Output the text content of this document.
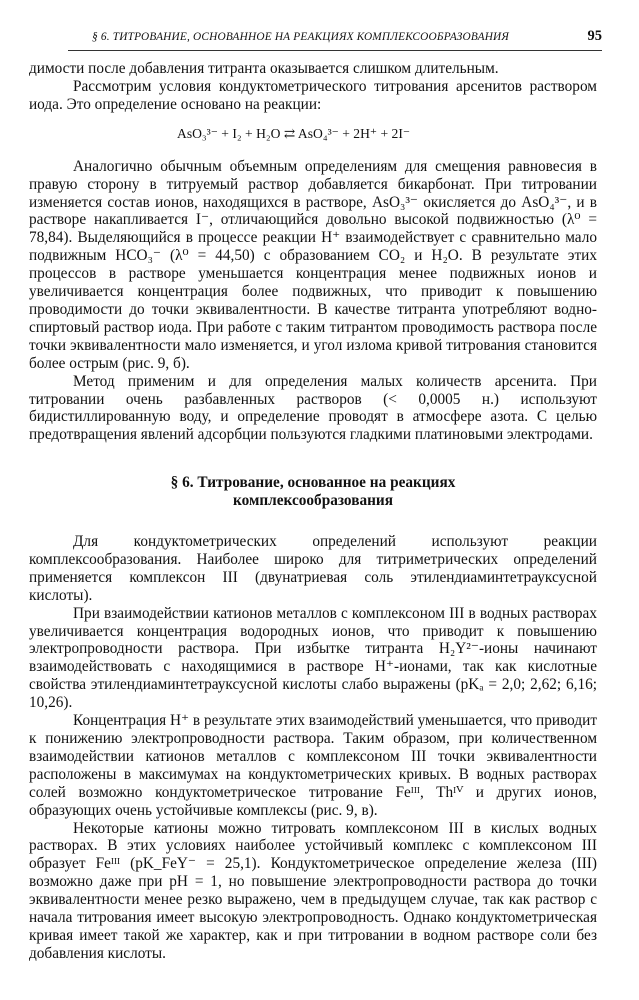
§ 6. ТИТРОВАНИЕ, ОСНОВАННОЕ НА РЕАКЦИЯХ КОМПЛЕКСООБРАЗОВАНИЯ	95

димости после добавления титранта оказывается слишком длительным.

Рассмотрим условия кондуктометрического титрования арсенитов раствором иода. Это определение основано на реакции:

AsO₃³⁻ + I₂ + H₂O ⇄ AsO₄³⁻ + 2H⁺ + 2I⁻

Аналогично обычным объемным определениям для смещения равновесия в правую сторону в титруемый раствор добавляется бикарбонат. При титровании изменяется состав ионов, находящихся в растворе, AsO₃³⁻ окисляется до AsO₄³⁻, и в растворе накапливается I⁻, отличающийся довольно высокой подвижностью (λ⁰ = 78,84). Выделяющийся в процессе реакции H⁺ взаимодействует с сравнительно мало подвижным HCO₃⁻ (λ⁰ = 44,50) с образованием CO₂ и H₂O. В результате этих процессов в растворе уменьшается концентрация менее подвижных ионов и увеличивается концентрация более подвижных, что приводит к повышению проводимости до точки эквивалентности. В качестве титранта употребляют водно-спиртовый раствор иода. При работе с таким титрантом проводимость раствора после точки эквивалентности мало изменяется, и угол излома кривой титрования становится более острым (рис. 9, б).

Метод применим и для определения малых количеств арсенита. При титровании очень разбавленных растворов (< 0,0005 н.) используют бидистиллированную воду, и определение проводят в атмосфере азота. С целью предотвращения явлений адсорбции пользуются гладкими платиновыми электродами.

§ 6. Титрование, основанное на реакциях
комплексообразования

Для кондуктометрических определений используют реакции комплексообразования. Наиболее широко для титриметрических определений применяется комплексон III (двунатриевая соль этилендиаминтетрауксусной кислоты).

При взаимодействии катионов металлов с комплексоном III в водных растворах увеличивается концентрация водородных ионов, что приводит к повышению электропроводности раствора. При избытке титранта H₂Y²⁻-ионы начинают взаимодействовать с находящимися в растворе H⁺-ионами, так как кислотные свойства этилендиаминтетрауксусной кислоты слабо выражены (pKₐ = 2,0; 2,62; 6,16; 10,26).

Концентрация H⁺ в результате этих взаимодействий уменьшается, что приводит к понижению электропроводности раствора. Таким образом, при количественном взаимодействии катионов металлов с комплексоном III точки эквивалентности расположены в максимумах на кондуктометрических кривых. В водных растворах солей возможно кондуктометрическое титрование Feᴵᴵᴵ, Thᴵⱽ и других ионов, образующих очень устойчивые комплексы (рис. 9, в).

Некоторые катионы можно титровать комплексоном III в кислых водных растворах. В этих условиях наиболее устойчивый комплекс с комплексоном III образует Feᴵᴵᴵ (pK_FeY⁻ = 25,1). Кондуктометрическое определение железа (III) возможно даже при pH = 1, но повышение электропроводности раствора до точки эквивалентности менее резко выражено, чем в предыдущем случае, так как раствор с начала титрования имеет высокую электропроводность. Однако кондуктометрическая кривая имеет такой же характер, как и при титровании в водном растворе соли без добавления кислоты.
